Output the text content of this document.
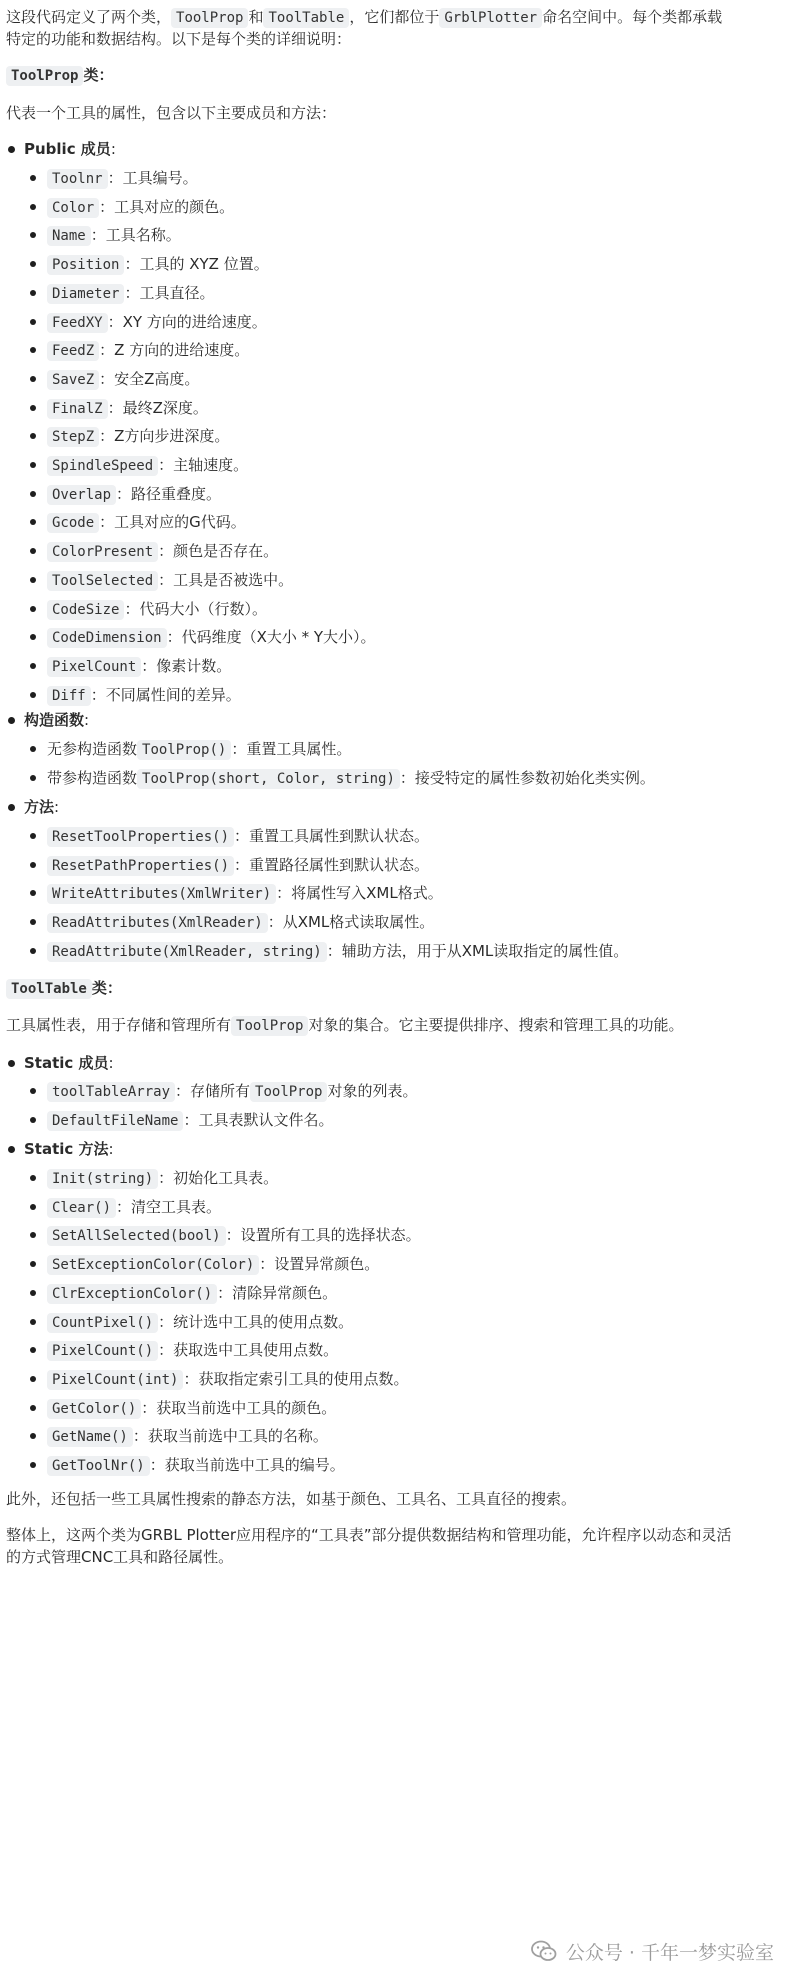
这段代码定义了两个类， ToolProp 和 ToolTable ，它们都位于 GrblPlotter 命名空间中。每个类都承载
特定的功能和数据结构。以下是每个类的详细说明：
ToolProp 类：
代表一个工具的属性，包含以下主要成员和方法：
Public 成员:
Toolnr ：工具编号。
Color ：工具对应的颜色。
Name ：工具名称。
Position ：工具的 XYZ 位置。
Diameter ：工具直径。
FeedXY ：XY 方向的进给速度。
FeedZ ：Z 方向的进给速度。
SaveZ ：安全Z高度。
FinalZ ：最终Z深度。
StepZ ：Z方向步进深度。
SpindleSpeed ：主轴速度。
Overlap ：路径重叠度。
Gcode ：工具对应的G代码。
ColorPresent ：颜色是否存在。
ToolSelected ：工具是否被选中。
CodeSize ：代码大小（行数）。
CodeDimension ：代码维度（X大小 * Y大小）。
PixelCount ：像素计数。
Diff ：不同属性间的差异。
构造函数:
无参构造函数 ToolProp() ：重置工具属性。
带参构造函数 ToolProp(short, Color, string) ：接受特定的属性参数初始化类实例。
方法:
ResetToolProperties() ：重置工具属性到默认状态。
ResetPathProperties() ：重置路径属性到默认状态。
WriteAttributes(XmlWriter) ：将属性写入XML格式。
ReadAttributes(XmlReader) ：从XML格式读取属性。
ReadAttribute(XmlReader, string) ：辅助方法，用于从XML读取指定的属性值。
ToolTable 类：
工具属性表，用于存储和管理所有 ToolProp 对象的集合。它主要提供排序、搜索和管理工具的功能。
Static 成员:
toolTableArray ：存储所有 ToolProp 对象的列表。
DefaultFileName ：工具表默认文件名。
Static 方法:
Init(string) ：初始化工具表。
Clear() ：清空工具表。
SetAllSelected(bool) ：设置所有工具的选择状态。
SetExceptionColor(Color) ：设置异常颜色。
ClrExceptionColor() ：清除异常颜色。
CountPixel() ：统计选中工具的使用点数。
PixelCount() ：获取选中工具使用点数。
PixelCount(int) ：获取指定索引工具的使用点数。
GetColor() ：获取当前选中工具的颜色。
GetName() ：获取当前选中工具的名称。
GetToolNr() ：获取当前选中工具的编号。
此外，还包括一些工具属性搜索的静态方法，如基于颜色、工具名、工具直径的搜索。
整体上，这两个类为GRBL Plotter应用程序的“工具表”部分提供数据结构和管理功能，允许程序以动态和灵活
的方式管理CNC工具和路径属性。
公众号 · 千年一梦实验室
